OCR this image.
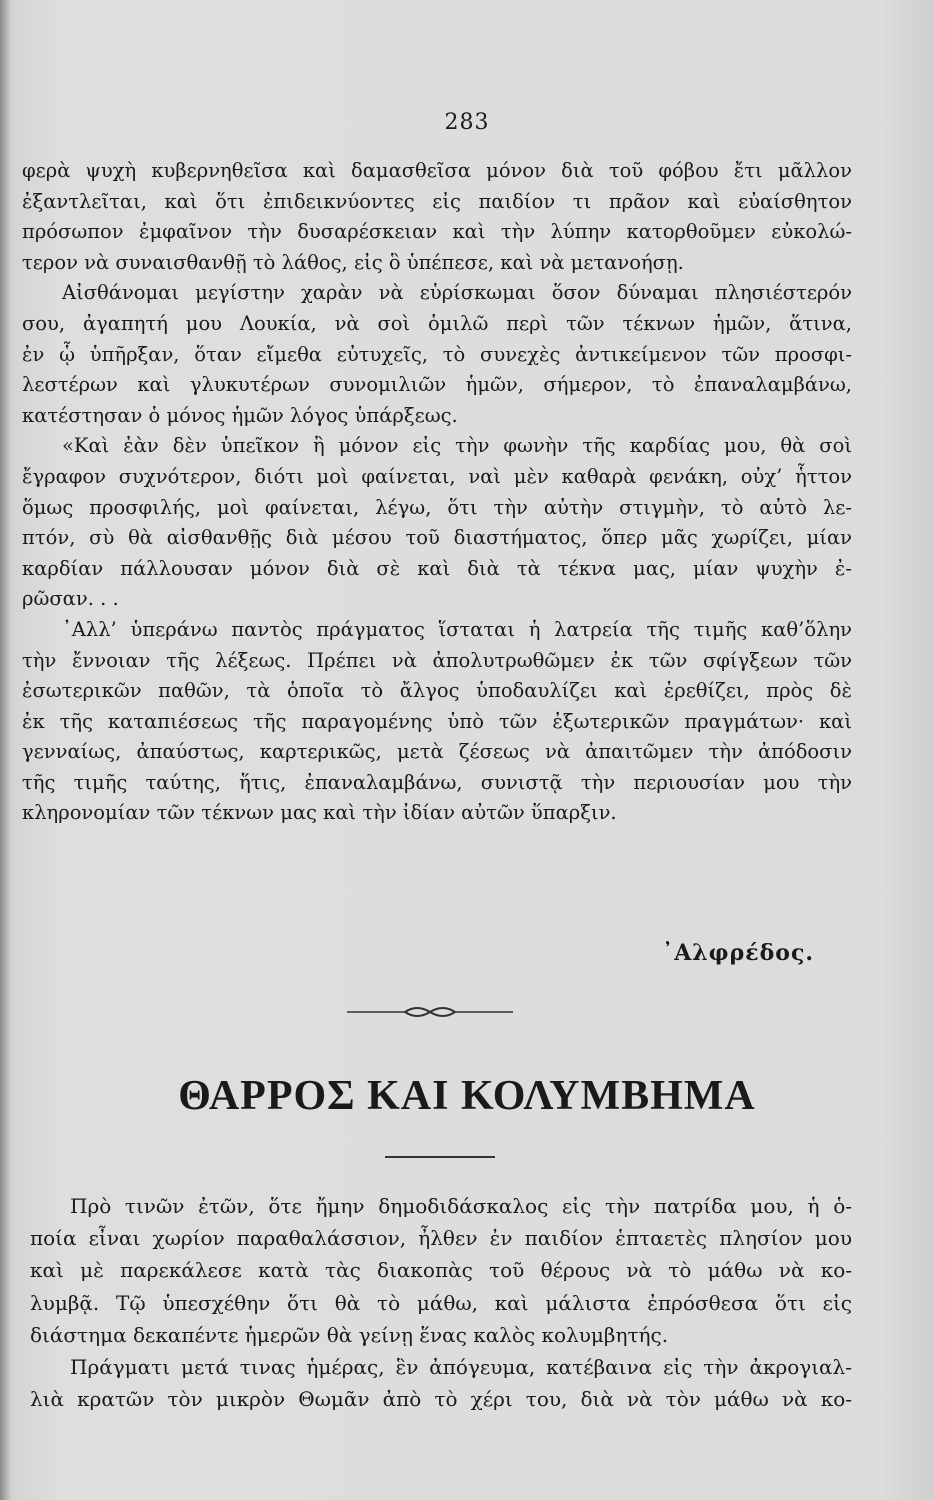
283
φερὰ ψυχὴ κυβερνηθεῖσα καὶ δαμασθεῖσα μόνον διὰ τοῦ φόβου ἔτι μᾶλλον
ἐξαντλεῖται, καὶ ὅτι ἐπιδεικνύοντες εἰς παιδίον τι πρᾶον καὶ εὐαίσθητον
πρόσωπον ἐμφαῖνον τὴν δυσαρέσκειαν καὶ τὴν λύπην κατορθοῦμεν εὐκολώ-
τερον νὰ συναισθανθῇ τὸ λάθος, εἰς ὃ ὑπέπεσε, καὶ νὰ μετανοήσῃ.
Αἰσθάνομαι μεγίστην χαρὰν νὰ εὑρίσκωμαι ὅσον δύναμαι πλησιέστερόν
σου, ἀγαπητή μου Λουκία, νὰ σοὶ ὁμιλῶ περὶ τῶν τέκνων ἡμῶν, ἅτινα,
ἐν ᾧ ὑπῆρξαν, ὅταν εἴμεθα εὐτυχεῖς, τὸ συνεχὲς ἀντικείμενον τῶν προσφι-
λεστέρων καὶ γλυκυτέρων συνομιλιῶν ἡμῶν, σήμερον, τὸ ἐπαναλαμβάνω,
κατέστησαν ὁ μόνος ἡμῶν λόγος ὑπάρξεως.
«Καὶ ἐὰν δὲν ὑπεῖκον ἢ μόνον εἰς τὴν φωνὴν τῆς καρδίας μου, θὰ σοὶ
ἔγραφον συχνότερον, διότι μοὶ φαίνεται, ναὶ μὲν καθαρὰ φενάκη, οὐχ’ ἧττον
ὅμως προσφιλής, μοὶ φαίνεται, λέγω, ὅτι τὴν αὐτὴν στιγμὴν, τὸ αὐτὸ λε-
πτόν, σὺ θὰ αἰσθανθῇς διὰ μέσου τοῦ διαστήματος, ὅπερ μᾶς χωρίζει, μίαν
καρδίαν πάλλουσαν μόνον διὰ σὲ καὶ διὰ τὰ τέκνα μας, μίαν ψυχὴν ἐ-
ρῶσαν. . .
᾿Αλλ’ ὑπεράνω παντὸς πράγματος ἵσταται ἡ λατρεία τῆς τιμῆς καθ’ὅλην
τὴν ἔννοιαν τῆς λέξεως. Πρέπει νὰ ἀπολυτρωθῶμεν ἐκ τῶν σφίγξεων τῶν
ἐσωτερικῶν παθῶν, τὰ ὁποῖα τὸ ἄλγος ὑποδαυλίζει καὶ ἐρεθίζει, πρὸς δὲ
ἐκ τῆς καταπιέσεως τῆς παραγομένης ὑπὸ τῶν ἐξωτερικῶν πραγμάτων· καὶ
γενναίως, ἀπαύστως, καρτερικῶς, μετὰ ζέσεως νὰ ἀπαιτῶμεν τὴν ἀπόδοσιν
τῆς τιμῆς ταύτης, ἥτις, ἐπαναλαμβάνω, συνιστᾷ τὴν περιουσίαν μου τὴν
κληρονομίαν τῶν τέκνων μας καὶ τὴν ἰδίαν αὐτῶν ὕπαρξιν.
᾿Αλφρέδος.
ΘΑΡΡΟΣ ΚΑΙ ΚΟΛΥΜΒΗΜΑ
Πρὸ τινῶν ἐτῶν, ὅτε ἤμην δημοδιδάσκαλος εἰς τὴν πατρίδα μου, ἡ ὁ-
ποία εἶναι χωρίον παραθαλάσσιον, ἦλθεν ἐν παιδίον ἑπταετὲς πλησίον μου
καὶ μὲ παρεκάλεσε κατὰ τὰς διακοπὰς τοῦ θέρους νὰ τὸ μάθω νὰ κο-
λυμβᾷ. Τῷ ὑπεσχέθην ὅτι θὰ τὸ μάθω, καὶ μάλιστα ἐπρόσθεσα ὅτι εἰς
διάστημα δεκαπέντε ἡμερῶν θὰ γείνῃ ἕνας καλὸς κολυμβητής.
Πράγματι μετά τινας ἡμέρας, ἓν ἀπόγευμα, κατέβαινα εἰς τὴν ἀκρογιαλ-
λιὰ κρατῶν τὸν μικρὸν Θωμᾶν ἀπὸ τὸ χέρι του, διὰ νὰ τὸν μάθω νὰ κο-
